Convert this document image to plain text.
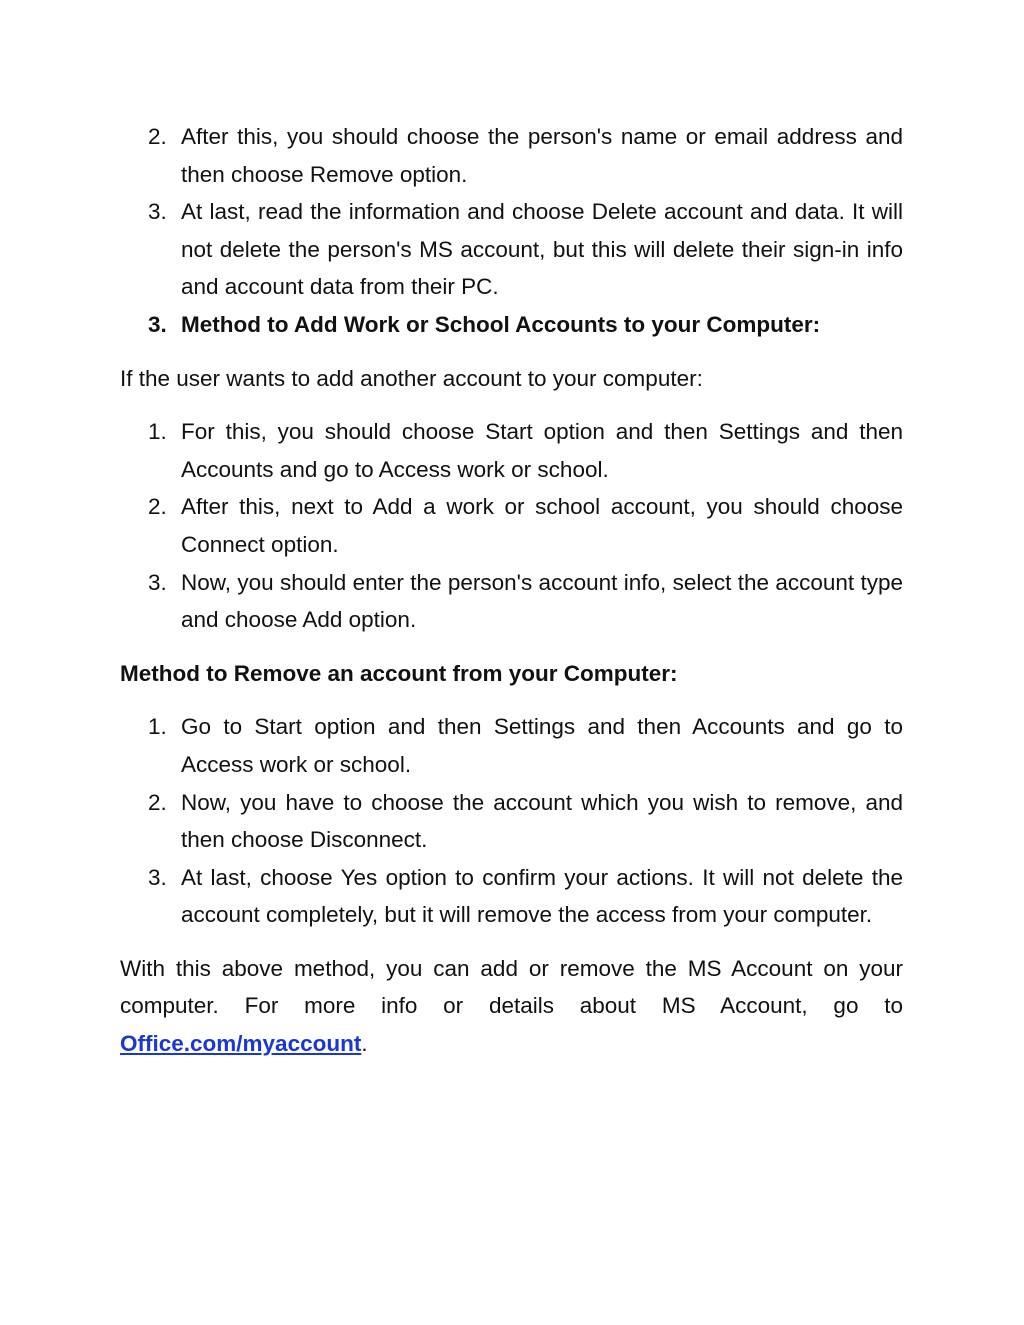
2. After this, you should choose the person's name or email address and then choose Remove option.
3. At last, read the information and choose Delete account and data. It will not delete the person's MS account, but this will delete their sign-in info and account data from their PC.
3. Method to Add Work or School Accounts to your Computer:
If the user wants to add another account to your computer:
1. For this, you should choose Start option and then Settings and then Accounts and go to Access work or school.
2. After this, next to Add a work or school account, you should choose Connect option.
3. Now, you should enter the person's account info, select the account type and choose Add option.
Method to Remove an account from your Computer:
1. Go to Start option and then Settings and then Accounts and go to Access work or school.
2. Now, you have to choose the account which you wish to remove, and then choose Disconnect.
3. At last, choose Yes option to confirm your actions. It will not delete the account completely, but it will remove the access from your computer.
With this above method, you can add or remove the MS Account on your computer. For more info or details about MS Account, go to Office.com/myaccount.
